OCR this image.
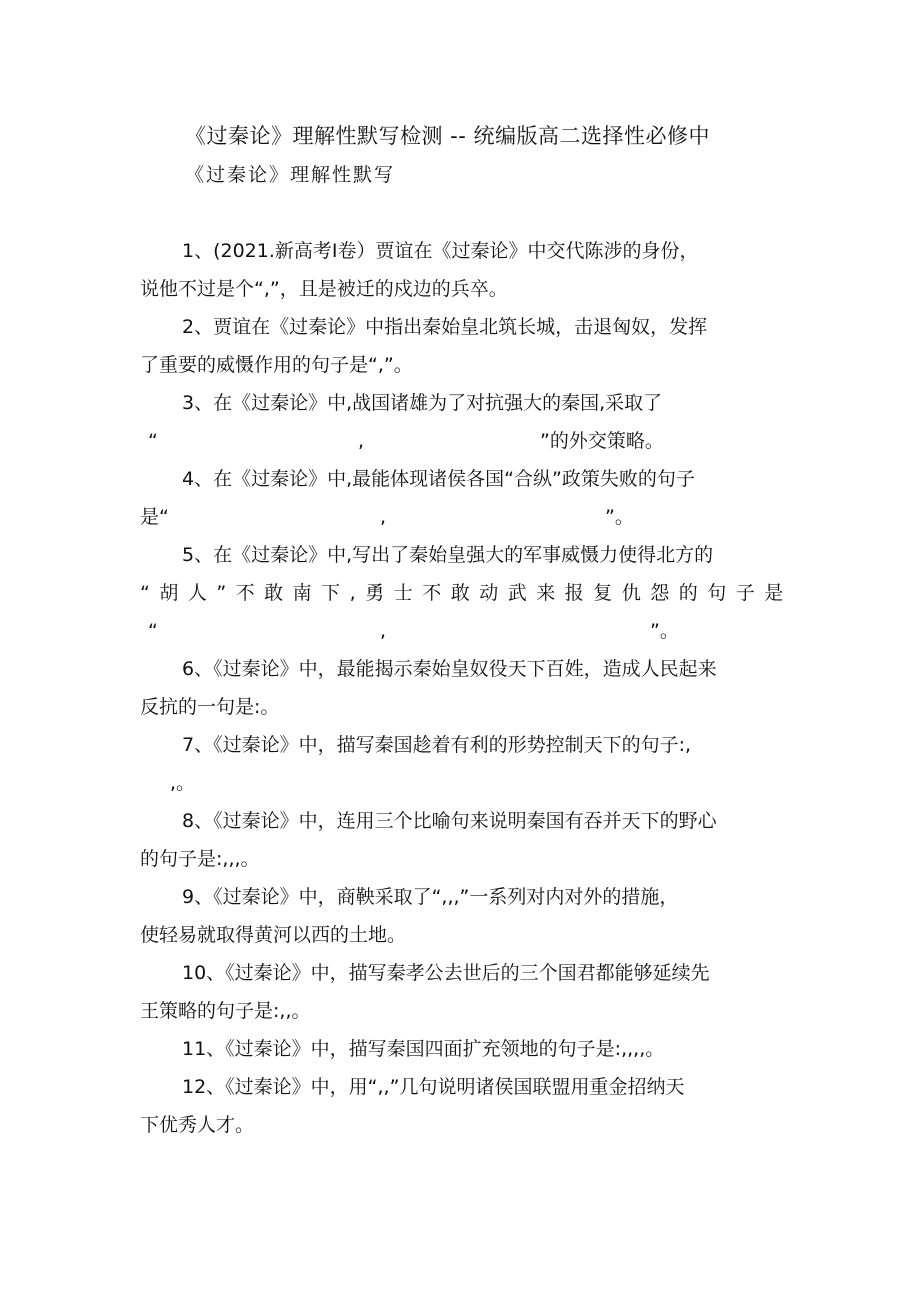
《过秦论》理解性默写检测 -- 统编版高二选择性必修中
《过秦论》理解性默写
1、(2021.新高考Ⅰ卷）贾谊在《过秦论》中交代陈涉的身份，
说他不过是个“,”，且是被迁的戍边的兵卒。
2、贾谊在《过秦论》中指出秦始皇北筑长城，击退匈奴，发挥
了重要的威慑作用的句子是“,”。
3、在《过秦论》中,战国诸雄为了对抗强大的秦国,采取了
“	,	”的外交策略。
4、在《过秦论》中,最能体现诸侯各国“合纵”政策失败的句子
是“	,	”。
5、在《过秦论》中,写出了秦始皇强大的军事威慑力使得北方的
“胡人”不敢南下,勇士不敢动武来报复仇怨的句子是
“	,	”。
6、《过秦论》中，最能揭示秦始皇奴役天下百姓，造成人民起来
反抗的一句是:。
7、《过秦论》中，描写秦国趁着有利的形势控制天下的句子:,
,。
8、《过秦论》中，连用三个比喻句来说明秦国有吞并天下的野心
的句子是:,,,。
9、《过秦论》中，商鞅采取了“,,,”一系列对内对外的措施，
使轻易就取得黄河以西的土地。
10、《过秦论》中，描写秦孝公去世后的三个国君都能够延续先
王策略的句子是:,,。
11、《过秦论》中，描写秦国四面扩充领地的句子是:,,,,。
12、《过秦论》中，用“,,”几句说明诸侯国联盟用重金招纳天
下优秀人才。
